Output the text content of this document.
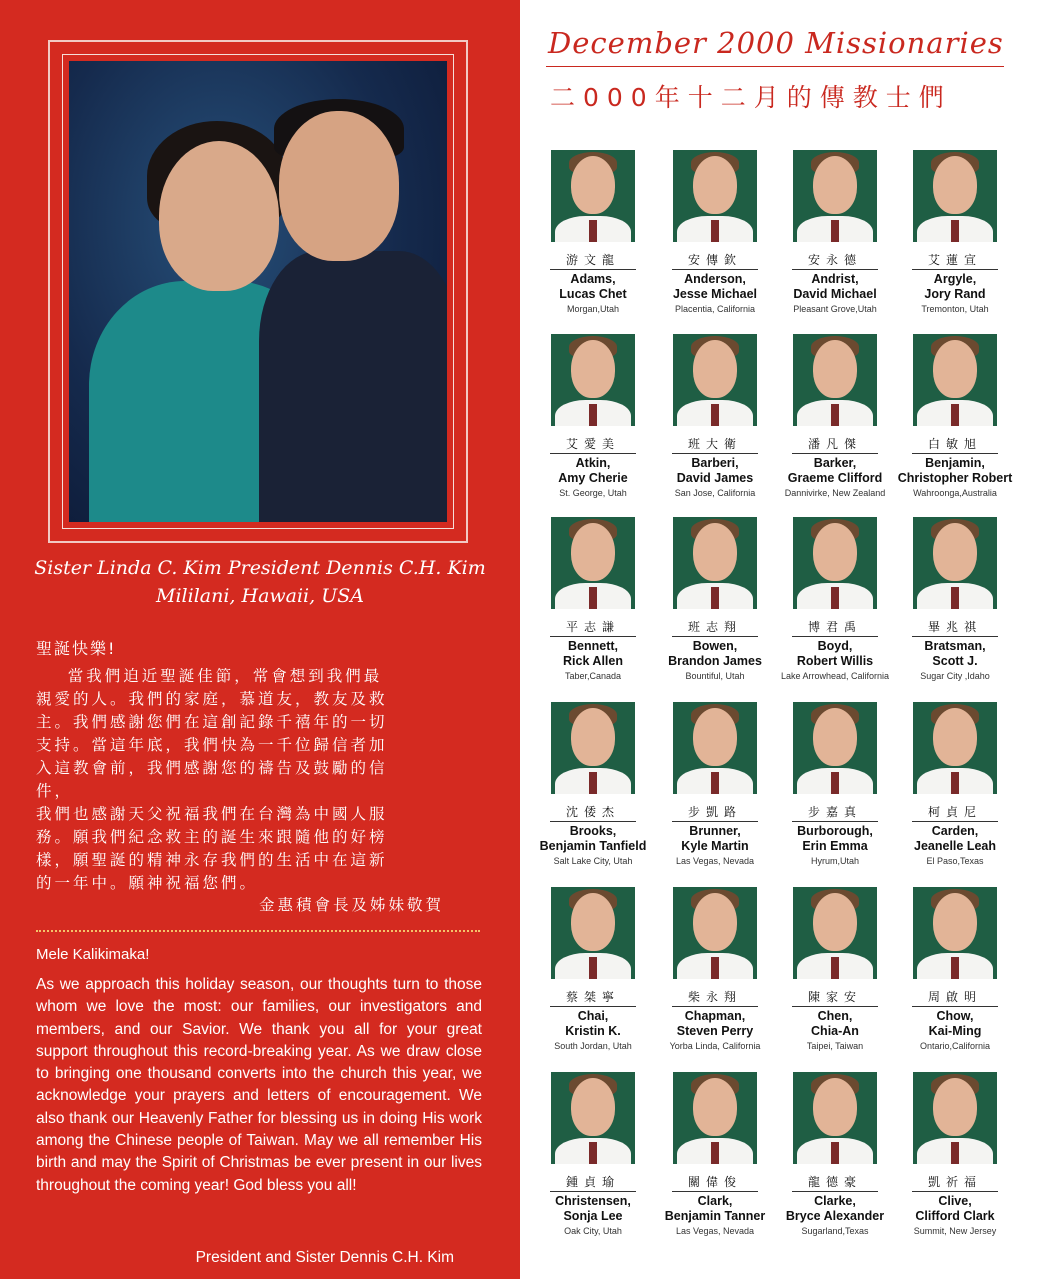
Sister Linda C. Kim President Dennis C.H. Kim
Mililani, Hawaii, USA
聖誕快樂!
當我們迫近聖誕佳節，常會想到我們最
親愛的人。我們的家庭，慕道友，教友及救
主。我們感謝您們在這創記錄千禧年的一切
支持。當這年底，我們快為一千位歸信者加
入這教會前，我們感謝您的禱告及鼓勵的信
件，
我們也感謝天父祝福我們在台灣為中國人服
務。願我們紀念救主的誕生來跟隨他的好榜
樣，願聖誕的精神永存我們的生活中在這新
的一年中。願神祝福您們。
金惠積會長及姊妹敬賀
Mele Kalikimaka!
As we approach this holiday season, our thoughts turn to those whom we love the most: our families, our investigators and members, and our Savior. We thank you all for your great support throughout this record-breaking year. As we draw close to bringing one thousand converts into the church this year, we acknowledge your prayers and letters of encouragement. We also thank our Heavenly Father for blessing us in doing His work among the Chinese people of Taiwan. May we all remember His birth and may the Spirit of Christmas be ever present in our lives throughout the coming year! God bless you all!
President and Sister Dennis C.H. Kim
December 2000 Missionaries
二000年十二月的傳教士們
游文龍
Adams,
Lucas Chet
Morgan,Utah
安傳欽
Anderson,
Jesse Michael
Placentia, California
安永德
Andrist,
David Michael
Pleasant Grove,Utah
艾蓮宣
Argyle,
Jory Rand
Tremonton, Utah
艾愛美
Atkin,
Amy Cherie
St. George, Utah
班大衛
Barberi,
David James
San Jose, California
潘凡傑
Barker,
Graeme Clifford
Dannivirke, New Zealand
白敏旭
Benjamin,
Christopher Robert
Wahroonga,Australia
平志謙
Bennett,
Rick Allen
Taber,Canada
班志翔
Bowen,
Brandon James
Bountiful, Utah
博君禹
Boyd,
Robert Willis
Lake Arrowhead, California
畢兆祺
Bratsman,
Scott J.
Sugar City ,Idaho
沈倭杰
Brooks,
Benjamin Tanfield
Salt Lake City, Utah
步凱路
Brunner,
Kyle Martin
Las Vegas, Nevada
步嘉真
Burborough,
Erin Emma
Hyrum,Utah
柯貞尼
Carden,
Jeanelle Leah
El Paso,Texas
蔡桀寧
Chai,
Kristin K.
South Jordan, Utah
柴永翔
Chapman,
Steven Perry
Yorba Linda, California
陳家安
Chen,
Chia-An
Taipei, Taiwan
周啟明
Chow,
Kai-Ming
Ontario,California
鍾貞瑜
Christensen,
Sonja Lee
Oak City, Utah
關偉俊
Clark,
Benjamin Tanner
Las Vegas, Nevada
龍德豪
Clarke,
Bryce Alexander
Sugarland,Texas
凱祈福
Clive,
Clifford Clark
Summit, New Jersey
